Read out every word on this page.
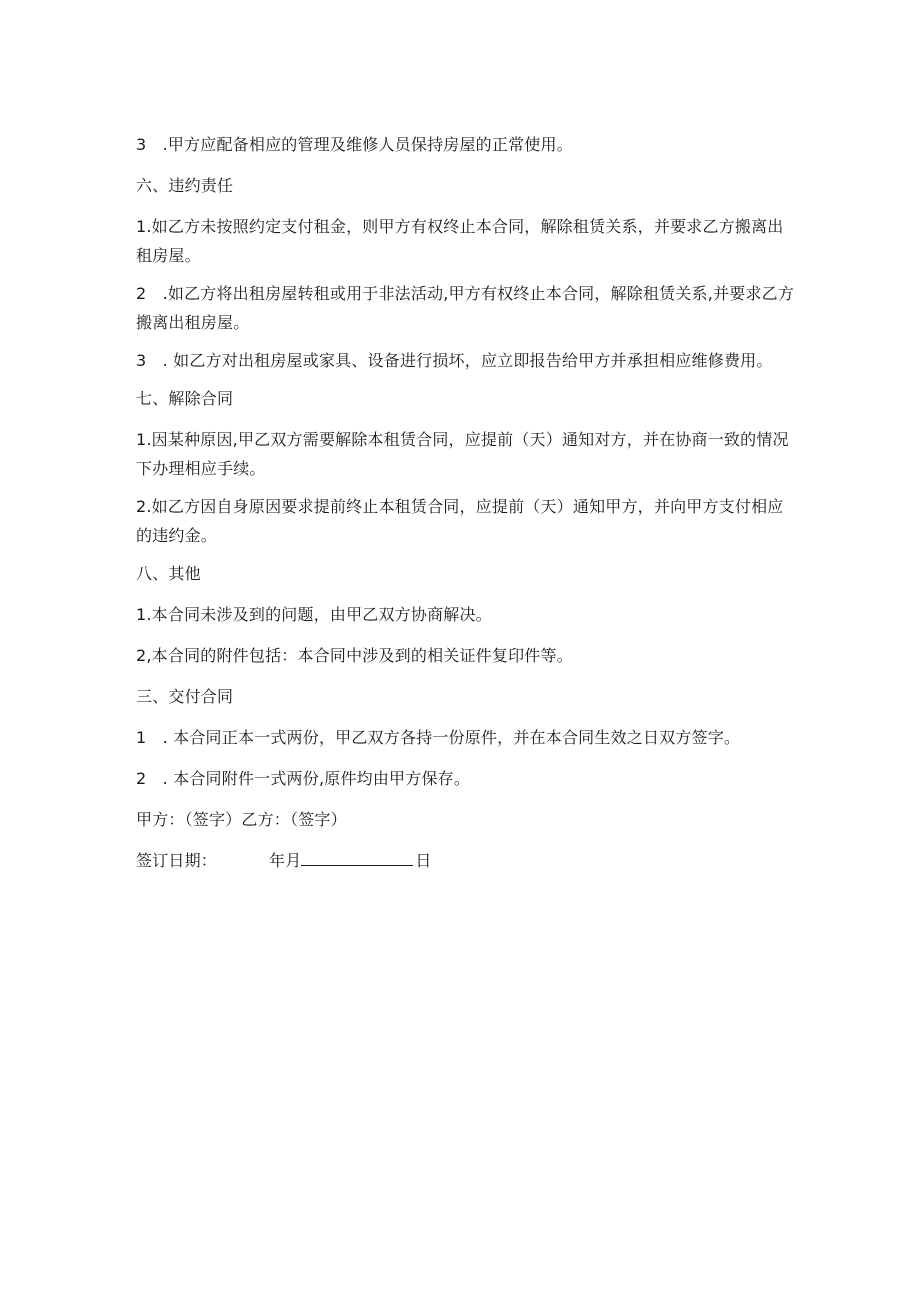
3　.甲方应配备相应的管理及维修人员保持房屋的正常使用。

六、违约责任

1.如乙方未按照约定支付租金，则甲方有权终止本合同，解除租赁关系，并要求乙方搬离出租房屋。

2　.如乙方将出租房屋转租或用于非法活动,甲方有权终止本合同，解除租赁关系,并要求乙方搬离出租房屋。

3　. 如乙方对出租房屋或家具、设备进行损坏，应立即报告给甲方并承担相应维修费用。

七、解除合同

1.因某种原因,甲乙双方需要解除本租赁合同，应提前（天）通知对方，并在协商一致的情况下办理相应手续。

2.如乙方因自身原因要求提前终止本租赁合同，应提前（天）通知甲方，并向甲方支付相应的违约金。

八、其他

1.本合同未涉及到的问题，由甲乙双方协商解决。

2,本合同的附件包括：本合同中涉及到的相关证件复印件等。

三、交付合同

1　. 本合同正本一式两份，甲乙双方各持一份原件，并在本合同生效之日双方签字。

2　. 本合同附件一式两份,原件均由甲方保存。

甲方：（签字）乙方：（签字）

签订日期：	年月	日
